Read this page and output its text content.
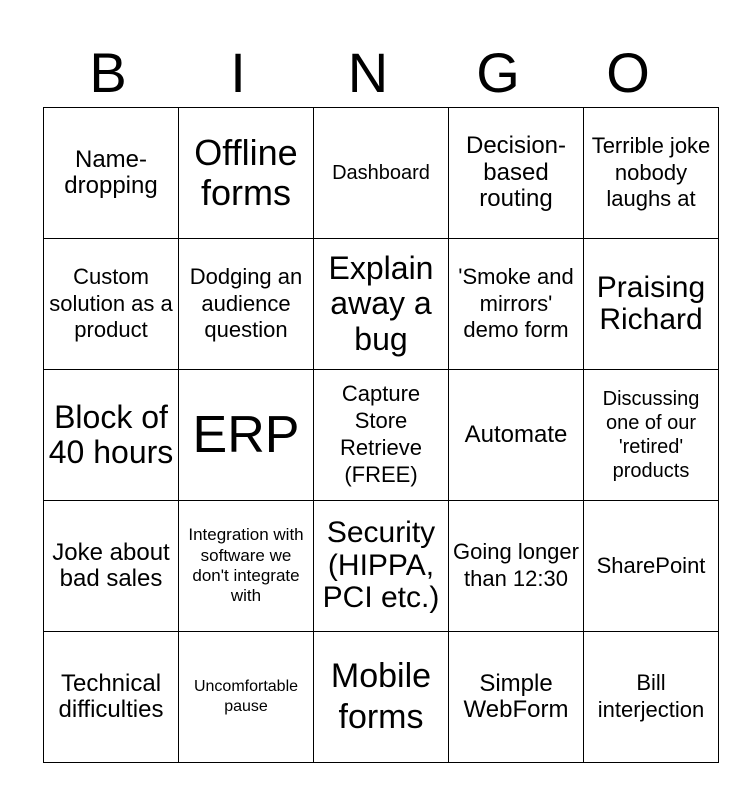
B	I	N	G	O
Name-dropping	Offline forms	Dashboard	Decision-based routing	Terrible joke nobody laughs at
Custom solution as a product	Dodging an audience question	Explain away a bug	'Smoke and mirrors' demo form	Praising Richard
Block of 40 hours	ERP	Capture Store Retrieve (FREE)	Automate	Discussing one of our 'retired' products
Joke about bad sales	Integration with software we don't integrate with	Security (HIPPA, PCI etc.)	Going longer than 12:30	SharePoint
Technical difficulties	Uncomfortable pause	Mobile forms	Simple WebForm	Bill interjection
